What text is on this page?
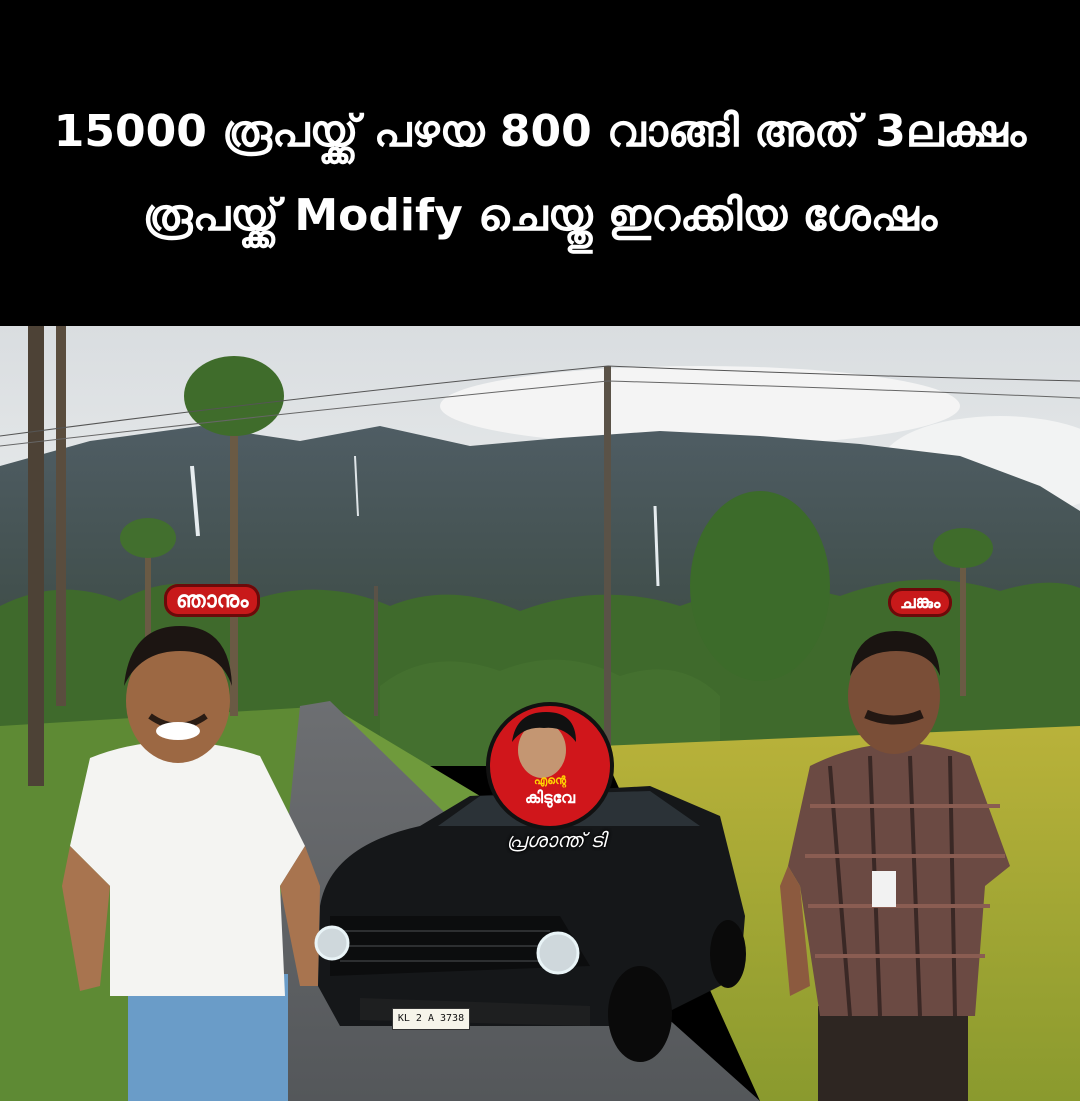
15000 രൂപയ്ക്ക് പഴയ 800 വാങ്ങി അത് 3ലക്ഷം
രൂപയ്ക്ക് Modify ചെയ്തു ഇറക്കിയ ശേഷം
എന്റെ
കിടുവേ
പ്രശാന്ത് ടി
ഞാനും	ചങ്കും
KL 2 A 3738
